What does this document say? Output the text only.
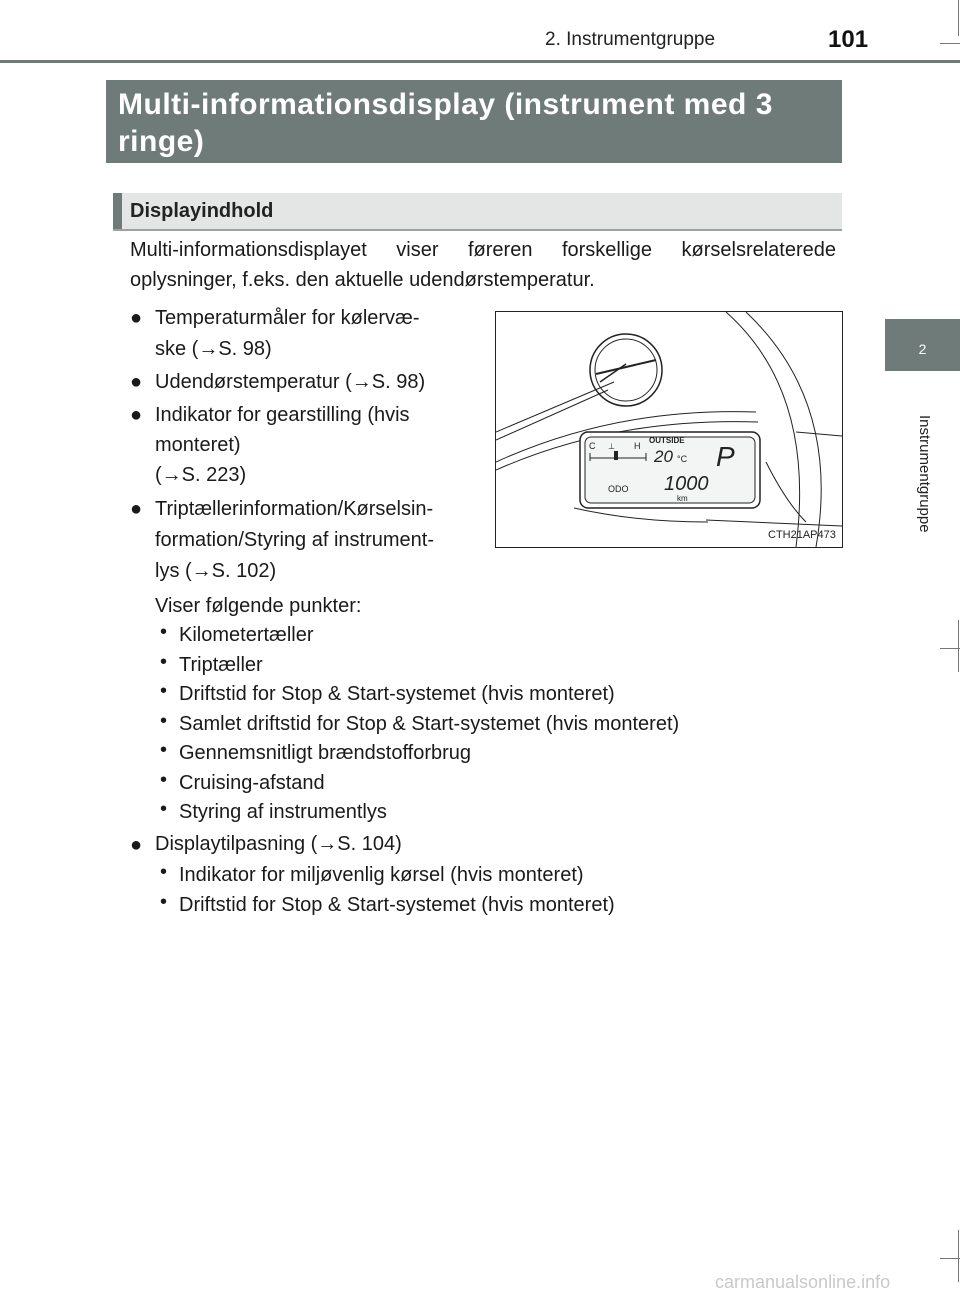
2. Instrumentgruppe	101
2
Instrumentgruppe
Multi-informationsdisplay (instrument med 3 ringe)
Displayindhold
Multi-informationsdisplayet viser føreren forskellige kørselsrelaterede oplysninger, f.eks. den aktuelle udendørstemperatur.
● Temperaturmåler for kølervæ-
ske (→S. 98)
● Udendørstemperatur (→S. 98)
● Indikator for gearstilling (hvis
monteret)
(→S. 223)
● Triptællerinformation/Kørselsin-
formation/Styring af instrument-
lys (→S. 102)
Viser følgende punkter:
• Kilometertæller
• Triptæller
• Driftstid for Stop & Start-systemet (hvis monteret)
• Samlet driftstid for Stop & Start-systemet (hvis monteret)
• Gennemsnitligt brændstofforbrug
• Cruising-afstand
• Styring af instrumentlys
● Displaytilpasning (→S. 104)
• Indikator for miljøvenlig kørsel (hvis monteret)
• Driftstid for Stop & Start-systemet (hvis monteret)
C ⊥ H
OUTSIDE
20 °C P
ODO 1000
km
CTH21AP473
carmanualsonline.info
